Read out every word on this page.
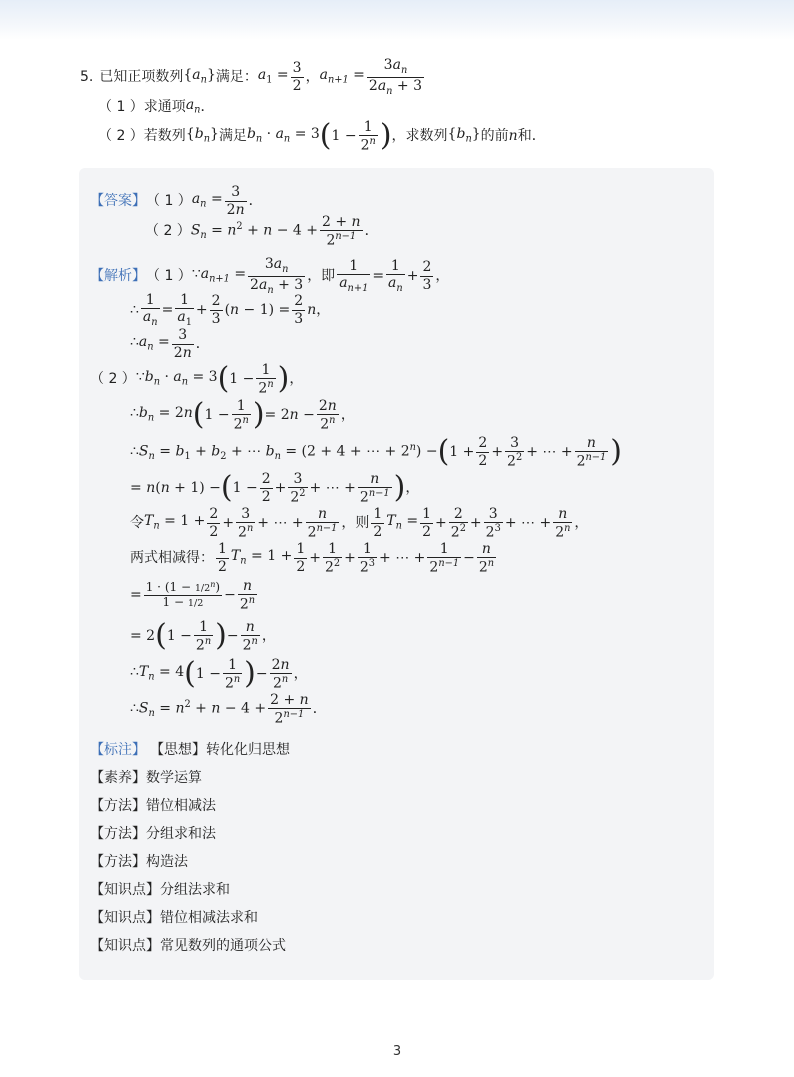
5. 已知正项数列 $\{a_n\}$ 满足： $a_1 = \frac{3}{2}$ ， $a_{n+1} = \frac{3a_n}{2a_n + 3}$
（ 1 ）求通项 $a_n$ ．
（ 2 ）若数列 $\{b_n\}$ 满足 $b_n \cdot a_n = 3$ ( $1 - \frac{1}{2^n}$ ) ，求数列 $\{b_n\}$ 的前 n 和．
【答案】 （ 1 ） $a_n = \frac{3}{2n}$ ．
（ 2 ） $S_n = n^2 + n - 4 + \frac{2 + n}{2^{n-1}}$ ．
【解析】 （ 1 ） $\because a_{n+1} = \frac{3a_n}{2a_n + 3}$ ，即 $\frac{1}{a_{n+1}} = \frac{1}{a_n} + \frac{2}{3}$ ，
∴ $\frac{1}{a_n} = \frac{1}{a_1} + \frac{2}{3} (n - 1) = \frac{2}{3}$ n ，
$\therefore a_n = \frac{3}{2n}$ ．
（ 2 ） $\because b_n \cdot a_n = 3$ ( $1 - \frac{1}{2^n}$ ) ，
$\therefore b_n = 2n$ ( $1 - \frac{1}{2^n}$ ) = $2n - \frac{2n}{2^n}$ ，
$\therefore S_n = b_1 + b_2$ + ⋯ $b_n = (2 + 4$ + ⋯ + $2^n$) − ( $1 + \frac{2}{2} + \frac{3}{2^2}$ + ⋯ + $\frac{n}{2^{n-1}}$ )
= n(n + 1) − ( $1 - \frac{2}{2} + \frac{3}{2^2}$ + ⋯ + $\frac{n}{2^{n-1}}$ ) ，
令 $T_n = 1 + \frac{2}{2} + \frac{3}{2^n}$ + ⋯ + $\frac{n}{2^{n-1}}$ ，则 $\frac{1}{2} T_n = \frac{1}{2} + \frac{2}{2^2} + \frac{3}{2^3}$ + ⋯ + $\frac{n}{2^n}$ ，
两式相减得： $\frac{1}{2} T_n = 1 + \frac{1}{2} + \frac{1}{2^2} + \frac{1}{2^3}$ + ⋯ + $\frac{1}{2^{n-1}} - \frac{n}{2^n}$
= $\frac{1 \cdot (1 - 1/2^n)}{1 - 1/2} - \frac{n}{2^n}$
= 2 ( $1 - \frac{1}{2^n}$ ) − $\frac{n}{2^n}$ ，
$\therefore T_n = 4$ ( $1 - \frac{1}{2^n}$ ) − $\frac{2n}{2^n}$ ，
$\therefore S_n = n^2 + n - 4 + \frac{2 + n}{2^{n-1}}$ ．
【标注】 【思想】转化化归思想
【素养】数学运算
【方法】错位相减法
【方法】分组求和法
【方法】构造法
【知识点】分组法求和
【知识点】错位相减法求和
【知识点】常见数列的通项公式
3
